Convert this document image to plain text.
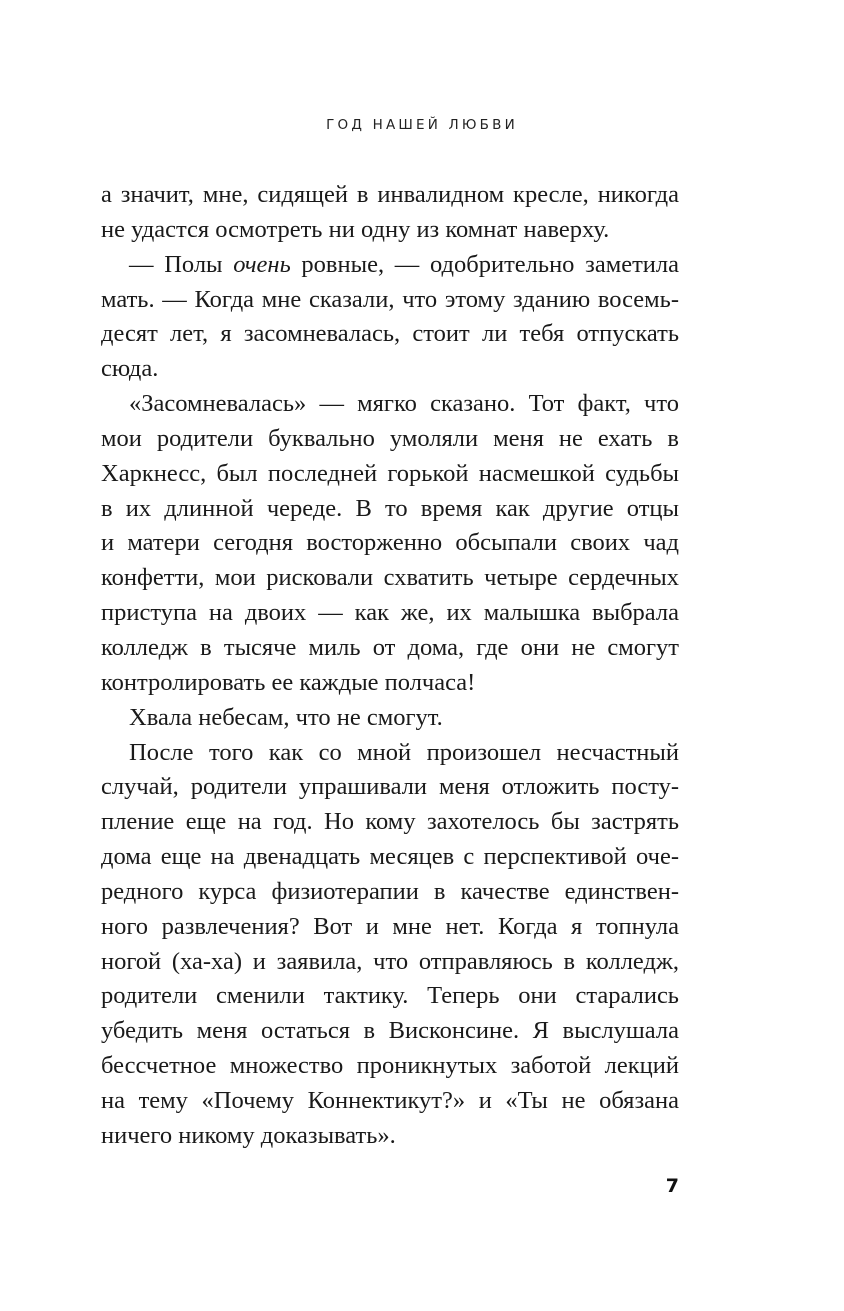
ГОД НАШЕЙ ЛЮБВИ

а значит, мне, сидящей в инвалидном кресле, никогда
не удастся осмотреть ни одну из комнат наверху.

— Полы очень ровные, — одобрительно заметила
мать. — Когда мне сказали, что этому зданию восемь-
десят лет, я засомневалась, стоит ли тебя отпускать
сюда.

«Засомневалась» — мягко сказано. Тот факт, что
мои родители буквально умоляли меня не ехать в
Харкнесс, был последней горькой насмешкой судьбы
в их длинной череде. В то время как другие отцы
и матери сегодня восторженно обсыпали своих чад
конфетти, мои рисковали схватить четыре сердечных
приступа на двоих — как же, их малышка выбрала
колледж в тысяче миль от дома, где они не смогут
контролировать ее каждые полчаса!

Хвала небесам, что не смогут.

После того как со мной произошел несчастный
случай, родители упрашивали меня отложить посту-
пление еще на год. Но кому захотелось бы застрять
дома еще на двенадцать месяцев с перспективой оче-
редного курса физиотерапии в качестве единствен-
ного развлечения? Вот и мне нет. Когда я топнула
ногой (ха-ха) и заявила, что отправляюсь в колледж,
родители сменили тактику. Теперь они старались
убедить меня остаться в Висконсине. Я выслушала
бессчетное множество проникнутых заботой лекций
на тему «Почему Коннектикут?» и «Ты не обязана
ничего никому доказывать».

7
